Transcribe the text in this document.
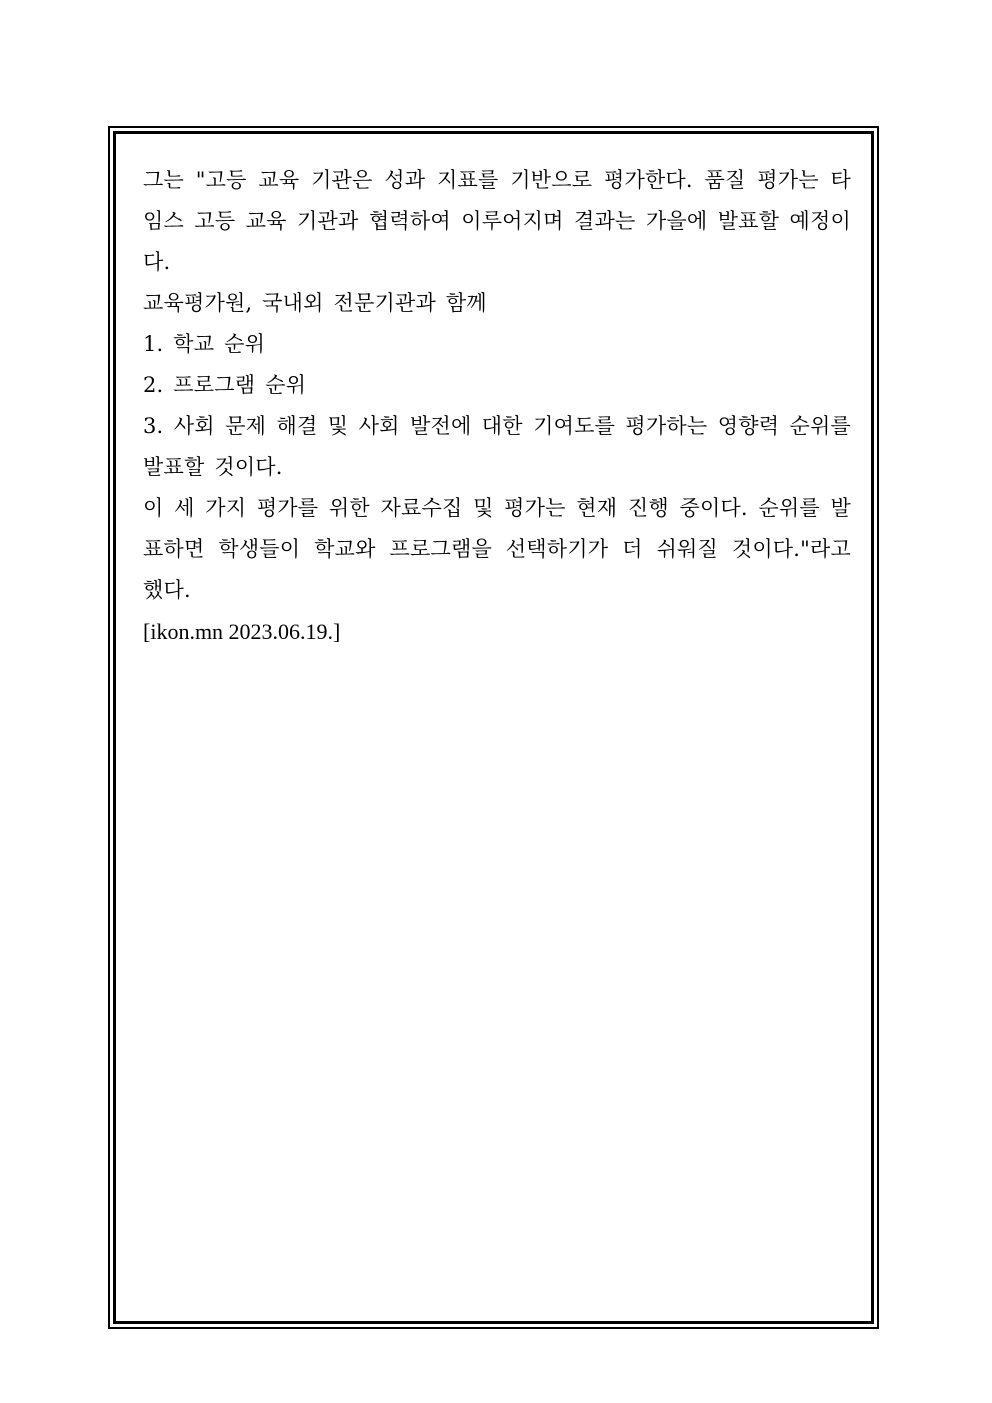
그는 "고등 교육 기관은 성과 지표를 기반으로 평가한다. 품질 평가는 타임스 고등 교육 기관과 협력하여 이루어지며 결과는 가을에 발표할 예정이다.

교육평가원, 국내외 전문기관과 함께

1. 학교 순위

2. 프로그램 순위

3. 사회 문제 해결 및 사회 발전에 대한 기여도를 평가하는 영향력 순위를 발표할 것이다.

이 세 가지 평가를 위한 자료수집 및 평가는 현재 진행 중이다. 순위를 발표하면 학생들이 학교와 프로그램을 선택하기가 더 쉬워질 것이다."라고 했다.

[ikon.mn 2023.06.19.]
